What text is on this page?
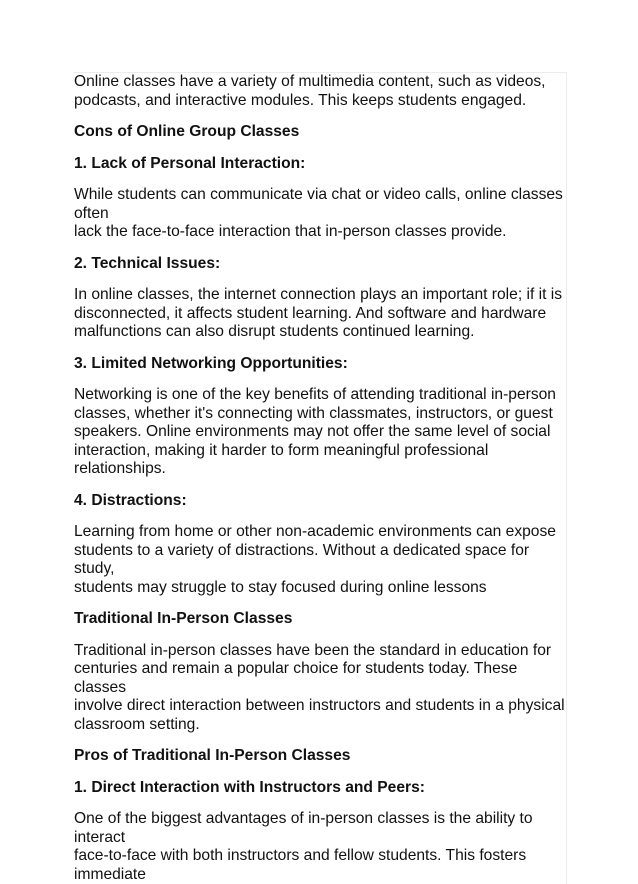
Online classes have a variety of multimedia content, such as videos,
podcasts, and interactive modules. This keeps students engaged.

Cons of Online Group Classes

1. Lack of Personal Interaction:

While students can communicate via chat or video calls, online classes often
lack the face-to-face interaction that in-person classes provide.

2. Technical Issues:

In online classes, the internet connection plays an important role; if it is
disconnected, it affects student learning. And software and hardware
malfunctions can also disrupt students continued learning.

3. Limited Networking Opportunities:

Networking is one of the key benefits of attending traditional in-person
classes, whether it's connecting with classmates, instructors, or guest
speakers. Online environments may not offer the same level of social
interaction, making it harder to form meaningful professional relationships.

4. Distractions:

Learning from home or other non-academic environments can expose
students to a variety of distractions. Without a dedicated space for study,
students may struggle to stay focused during online lessons

Traditional In-Person Classes

Traditional in-person classes have been the standard in education for
centuries and remain a popular choice for students today. These classes
involve direct interaction between instructors and students in a physical
classroom setting.

Pros of Traditional In-Person Classes

1. Direct Interaction with Instructors and Peers:

One of the biggest advantages of in-person classes is the ability to interact
face-to-face with both instructors and fellow students. This fosters immediate
